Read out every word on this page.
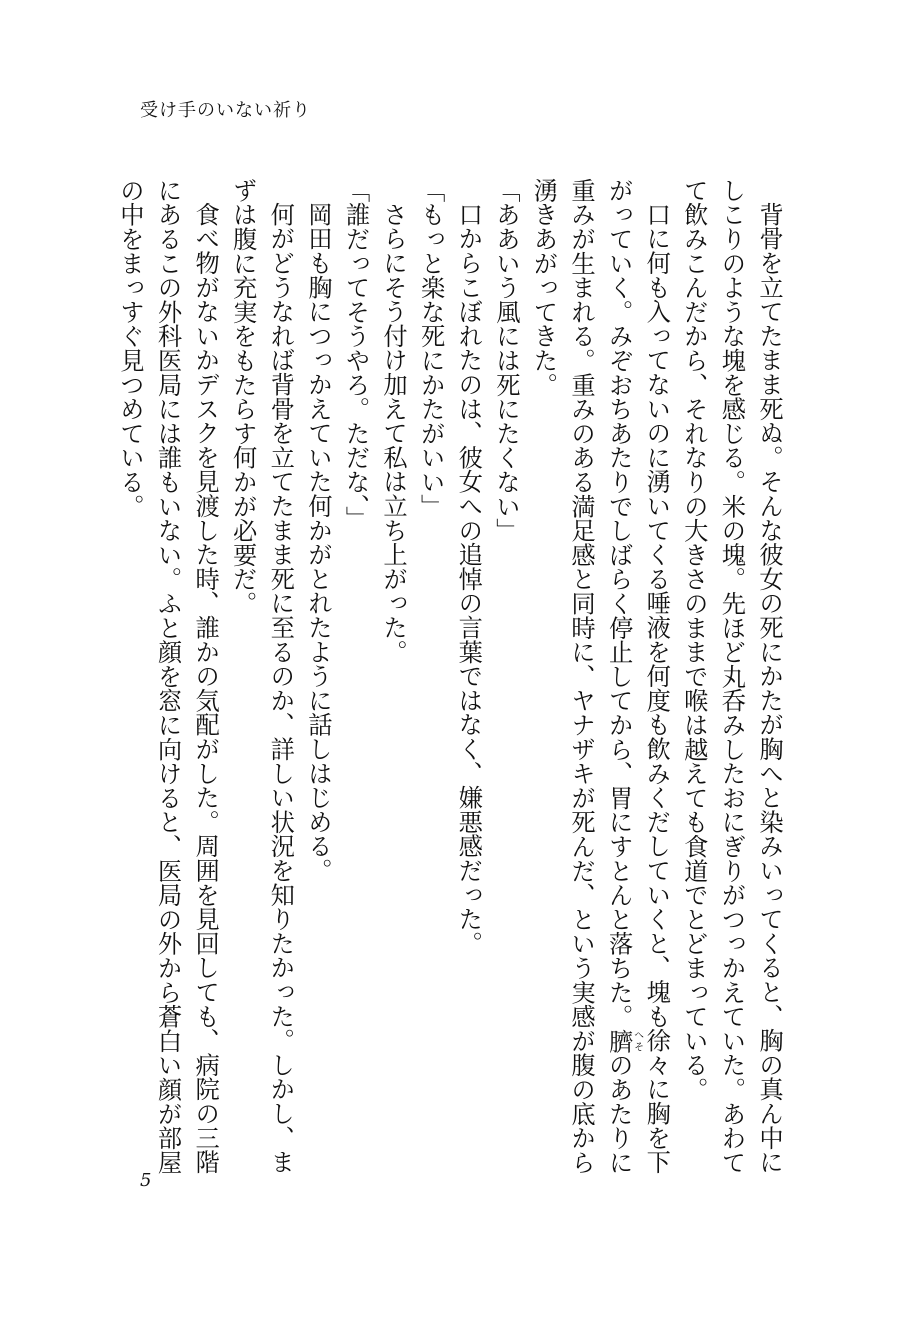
受け手のいない祈り

背骨を立てたまま死ぬ。そんな彼女の死にかたが胸へと染みいってくると、胸の真ん中にしこりのような塊を感じる。米の塊。先ほど丸呑みしたおにぎりがつっかえていた。あわてて飲みこんだから、それなりの大きさのままで喉は越えても食道でとどまっている。

口に何も入ってないのに湧いてくる唾液を何度も飲みくだしていくと、塊も徐々に胸を下がっていく。みぞおちあたりでしばらく停止してから、胃にすとんと落ちた。臍へそのあたりに重みが生まれる。重みのある満足感と同時に、ヤナザキが死んだ、という実感が腹の底から湧きあがってきた。

「ああいう風には死にたくない」

口からこぼれたのは、彼女への追悼の言葉ではなく、嫌悪感だった。

「もっと楽な死にかたがいい」

さらにそう付け加えて私は立ち上がった。

「誰だってそうやろ。ただな、」

岡田も胸につっかえていた何かがとれたように話しはじめる。

何がどうなれば背骨を立てたまま死に至るのか、詳しい状況を知りたかった。しかし、まずは腹に充実をもたらす何かが必要だ。

食べ物がないかデスクを見渡した時、誰かの気配がした。周囲を見回しても、病院の三階にあるこの外科医局には誰もいない。ふと顔を窓に向けると、医局の外から蒼白い顔が部屋の中をまっすぐ見つめている。

5
